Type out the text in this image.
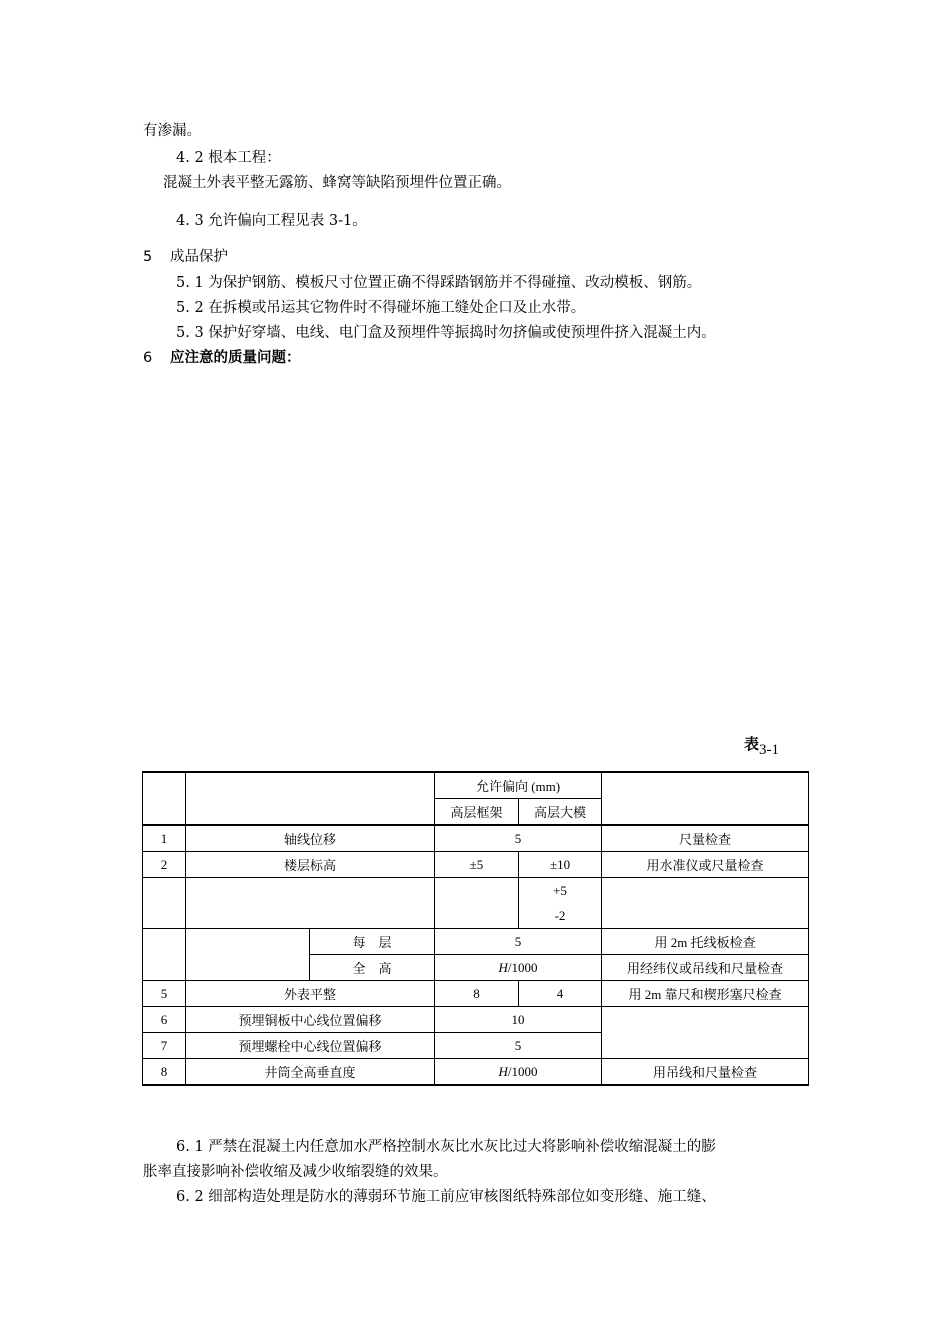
有渗漏。
4. 2 根本工程：
混凝土外表平整无露筋、蜂窝等缺陷预埋件位置正确。
4. 3 允许偏向工程见表 3-1。
5 成品保护
5. 1 为保护钢筋、模板尺寸位置正确不得踩踏钢筋并不得碰撞、改动模板、钢筋。
5. 2 在拆模或吊运其它物件时不得碰坏施工缝处企口及止水带。
5. 3 保护好穿墙、电线、电门盒及预埋件等振捣时勿挤偏或使预埋件挤入混凝土内。
6 应注意的质量问题：
表3-1
			允许偏向 (mm)		
			高层框架	高层大模	
1	轴线位移		5		尺量检查
2	楼层标高		±5	±10	用水准仪或尺量检查
				+5	
				-2	
		每　层	5		用 2m 托线板检查
		全　高	H/1000		用经纬仪或吊线和尺量检查
5	外表平整		8	4	用 2m 靠尺和楔形塞尺检查
6	预埋铜板中心线位置偏移		10		
7	预埋螺栓中心线位置偏移		5		
8	井筒全高垂直度		H/1000		用吊线和尺量检查
6. 1 严禁在混凝土内任意加水严格控制水灰比水灰比过大将影响补偿收缩混凝土的膨
胀率直接影响补偿收缩及减少收缩裂缝的效果。
6. 2 细部构造处理是防水的薄弱环节施工前应审核图纸特殊部位如变形缝、施工缝、
